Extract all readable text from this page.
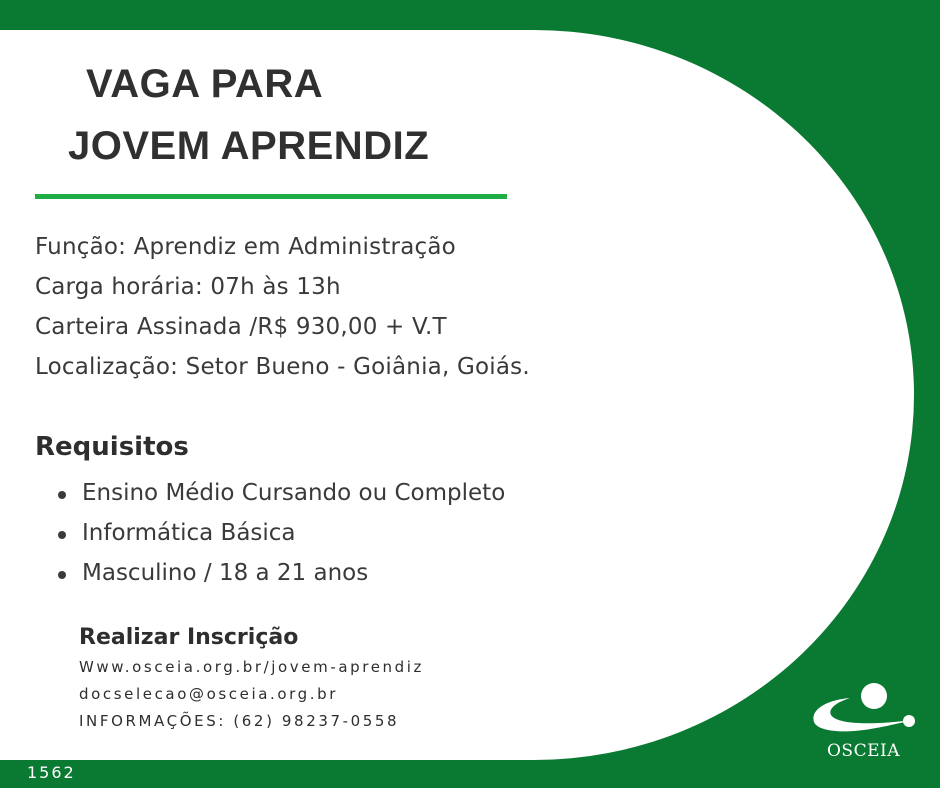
VAGA PARA
JOVEM APRENDIZ
Função: Aprendiz em Administração
Carga horária: 07h às 13h
Carteira Assinada /R$ 930,00 + V.T
Localização: Setor Bueno - Goiânia, Goiás.
Requisitos
Ensino Médio Cursando ou Completo
Informática Básica
Masculino / 18 a 21 anos
Realizar Inscrição
Www.osceia.org.br/jovem-aprendiz
docselecao@osceia.org.br
INFORMAÇÕES: (62) 98237-0558
1562
OSCEIA
